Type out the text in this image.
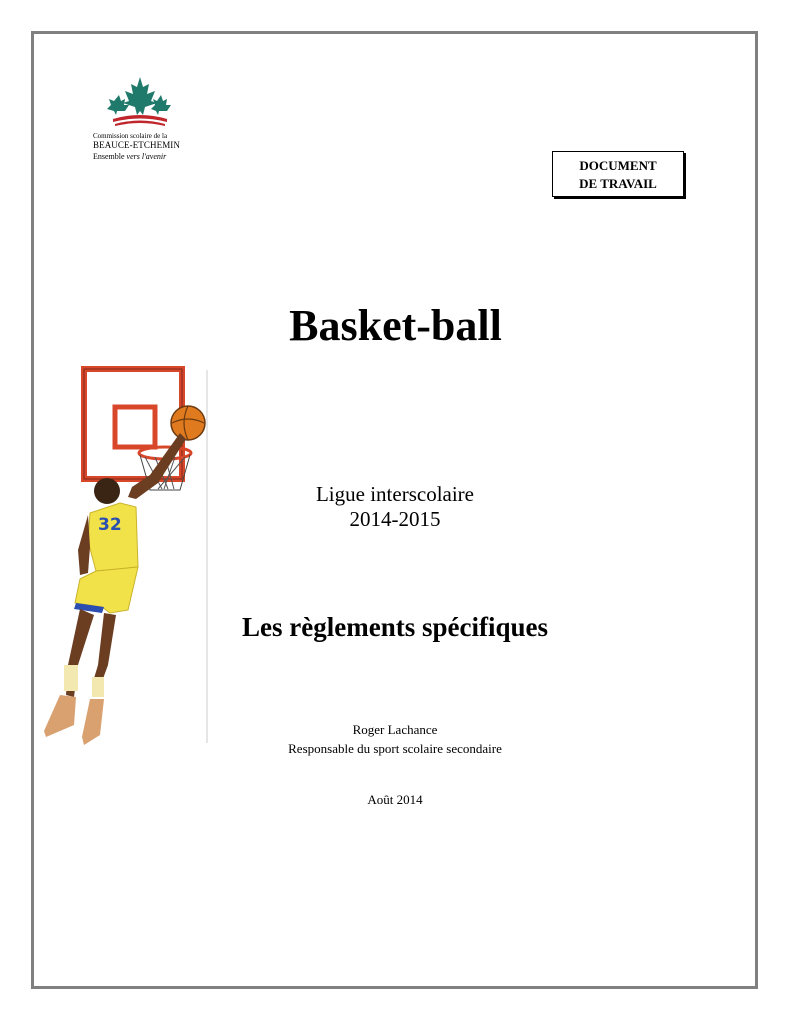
Commission scolaire de la
BEAUCE-ETCHEMIN
Ensemble vers l'avenir
DOCUMENT
DE TRAVAIL
Basket-ball
32
Ligue interscolaire
2014-2015
Les règlements spécifiques
Roger Lachance
Responsable du sport scolaire secondaire
Août 2014
